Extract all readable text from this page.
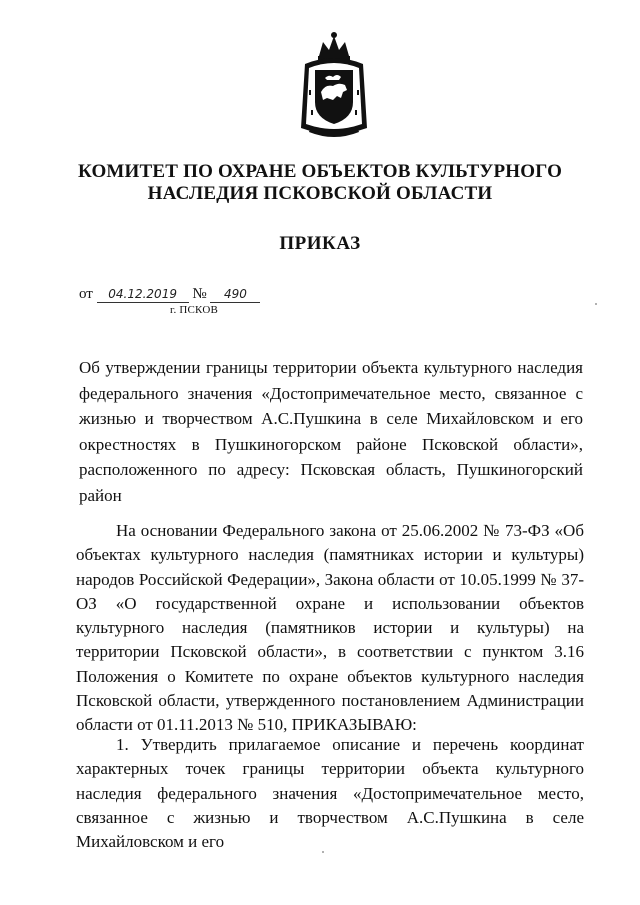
КОМИТЕТ ПО ОХРАНЕ ОБЪЕКТОВ КУЛЬТУРНОГО
НАСЛЕДИЯ ПСКОВСКОЙ ОБЛАСТИ
ПРИКАЗ
от 04.12.2019 № 490
г. ПСКОВ
Об утверждении границы территории объекта культурного наследия федерального значения «Достопримечательное место, связанное с жизнью и творчеством А.С.Пушкина в селе Михайловском и его окрестностях в Пушкиногорском районе Псковской области», расположенного по адресу: Псковская область, Пушкиногорский район
На основании Федерального закона от 25.06.2002 № 73-ФЗ «Об объектах культурного наследия (памятниках истории и культуры) народов Российской Федерации», Закона области от 10.05.1999 № 37-ОЗ «О государственной охране и использовании объектов культурного наследия (памятников истории и культуры) на территории Псковской области», в соответствии с пунктом 3.16 Положения о Комитете по охране объектов культурного наследия Псковской области, утвержденного постановлением Администрации области от 01.11.2013 № 510, ПРИКАЗЫВАЮ:
1. Утвердить прилагаемое описание и перечень координат характерных точек границы территории объекта культурного наследия федерального значения «Достопримечательное место, связанное с жизнью и творчеством А.С.Пушкина в селе Михайловском и его
